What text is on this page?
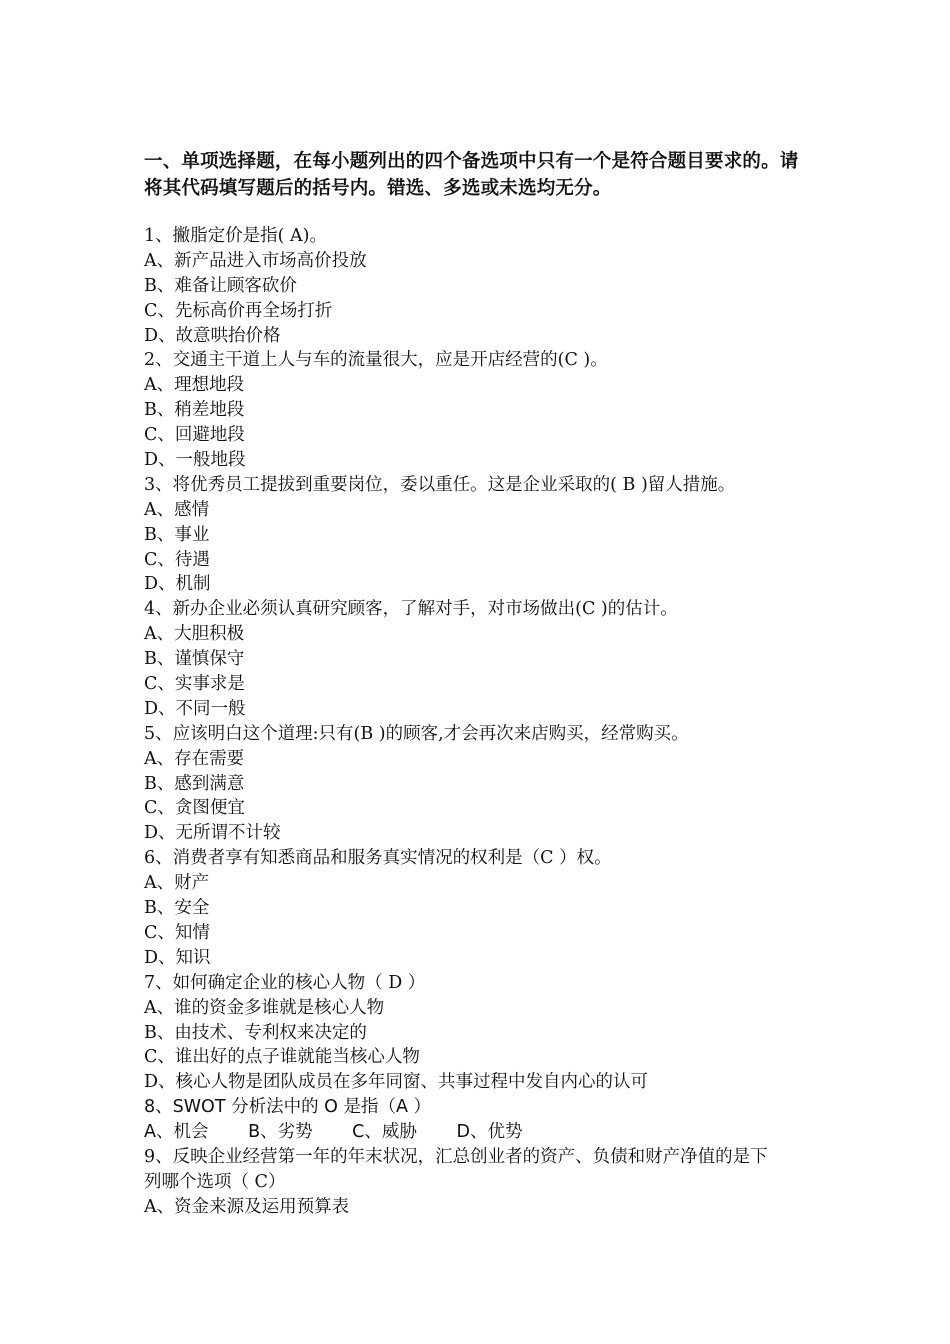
一、单项选择题，在每小题列出的四个备选项中只有一个是符合题目要求的。请
将其代码填写题后的括号内。错选、多选或未选均无分。
1、撇脂定价是指( A)。
A、新产品进入市场高价投放
B、难备让顾客砍价
C、先标高价再全场打折
D、故意哄抬价格
2、交通主干道上人与车的流量很大，应是开店经营的(C )。
A、理想地段
B、稍差地段
C、回避地段
D、一般地段
3、将优秀员工提拔到重要岗位，委以重任。这是企业采取的( B )留人措施。
A、感情
B、事业
C、待遇
D、机制
4、新办企业必须认真研究顾客，了解对手，对市场做出(C )的估计。
A、大胆积极
B、谨慎保守
C、实事求是
D、不同一般
5、应该明白这个道理:只有(B )的顾客,才会再次来店购买，经常购买。
A、存在需要
B、感到满意
C、贪图便宜
D、无所谓不计较
6、消费者享有知悉商品和服务真实情况的权利是（C ）权。
A、财产
B、安全
C、知情
D、知识
7、如何确定企业的核心人物（ D ）
A、谁的资金多谁就是核心人物
B、由技术、专利权来决定的
C、谁出好的点子谁就能当核心人物
D、核心人物是团队成员在多年同窗、共事过程中发自内心的认可
8、SWOT 分析法中的 O 是指（A ）
A、机会 B、劣势 C、威胁 D、优势
9、反映企业经营第一年的年末状况，汇总创业者的资产、负债和财产净值的是下
列哪个选项（ C）
A、资金来源及运用预算表
